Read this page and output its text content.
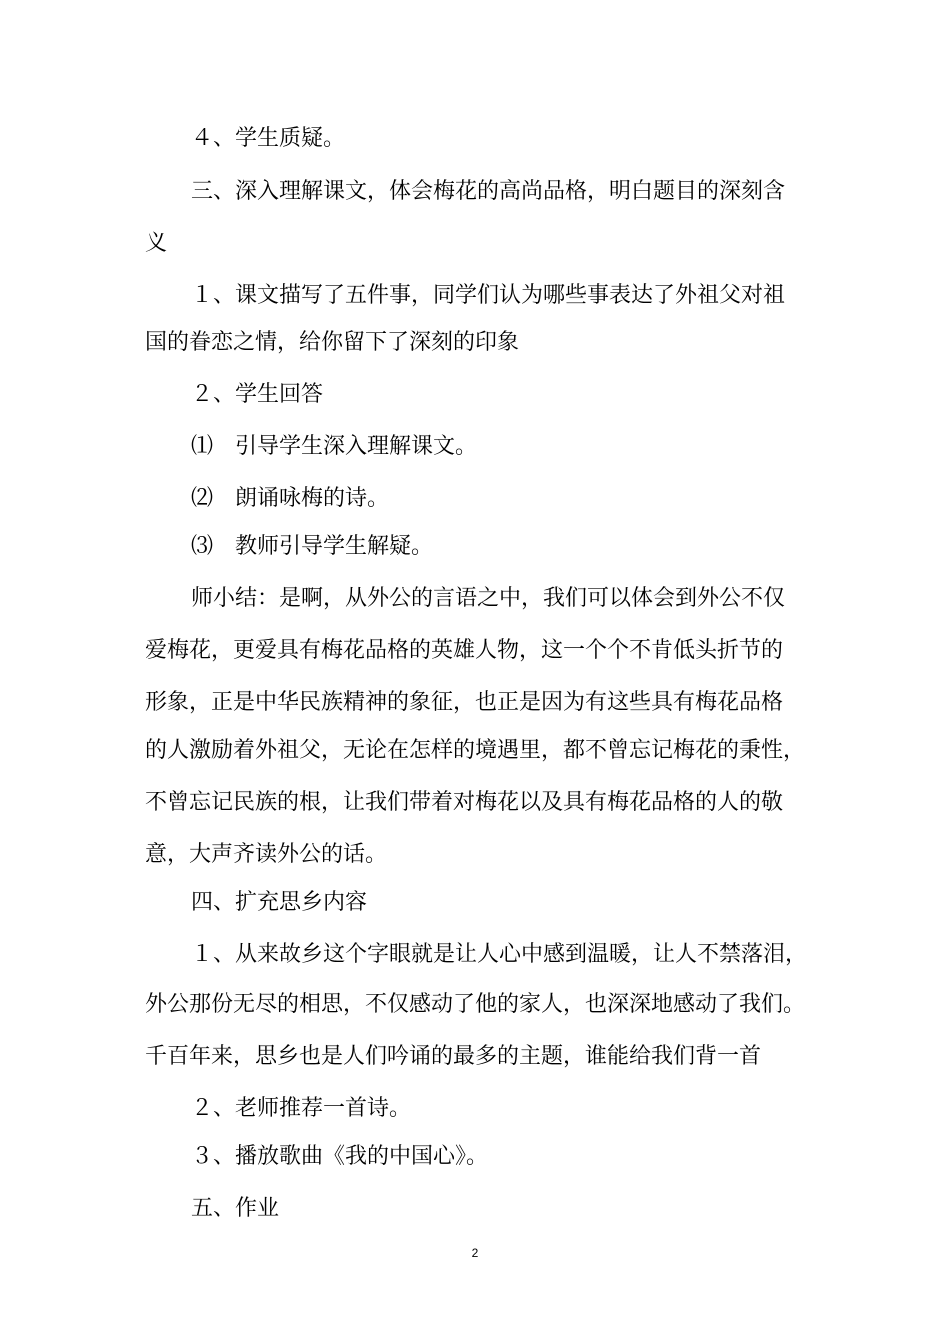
４、学生质疑。

三、深入理解课文，体会梅花的高尚品格，明白题目的深刻含

义

１、课文描写了五件事，同学们认为哪些事表达了外祖父对祖

国的眷恋之情，给你留下了深刻的印象

２、学生回答

⑴　引导学生深入理解课文。

⑵　朗诵咏梅的诗。

⑶　教师引导学生解疑。

师小结：是啊，从外公的言语之中，我们可以体会到外公不仅

爱梅花，更爱具有梅花品格的英雄人物，这一个个不肯低头折节的

形象，正是中华民族精神的象征，也正是因为有这些具有梅花品格

的人激励着外祖父，无论在怎样的境遇里，都不曾忘记梅花的秉性，

不曾忘记民族的根，让我们带着对梅花以及具有梅花品格的人的敬

意，大声齐读外公的话。

四、扩充思乡内容

１、从来故乡这个字眼就是让人心中感到温暖，让人不禁落泪，

外公那份无尽的相思，不仅感动了他的家人，也深深地感动了我们。

千百年来，思乡也是人们吟诵的最多的主题，谁能给我们背一首

２、老师推荐一首诗。

３、播放歌曲《我的中国心》。

五、作业

2
